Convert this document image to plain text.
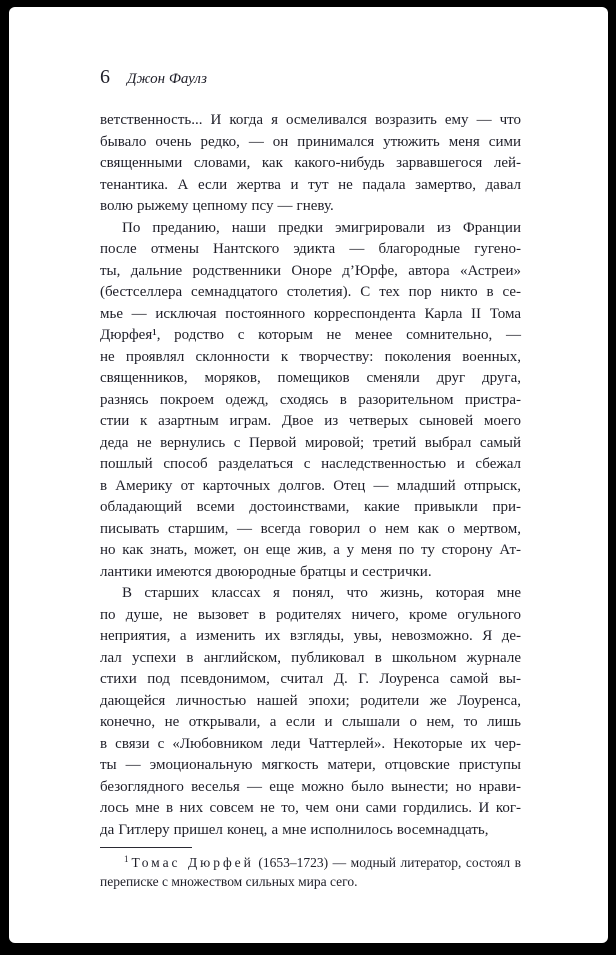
6 Джон Фаулз
ветственность... И когда я осмеливался возразить ему — что
бывало очень редко, — он принимался утюжить меня сими
священными словами, как какого-нибудь зарвавшегося лей-
тенантика. А если жертва и тут не падала замертво, давал
волю рыжему цепному псу — гневу.
По преданию, наши предки эмигрировали из Франции
после отмены Нантского эдикта — благородные гугено-
ты, дальние родственники Оноре д’Юрфе, автора «Астреи»
(бестселлера семнадцатого столетия). С тех пор никто в се-
мье — исключая постоянного корреспондента Карла II Тома
Дюрфея¹, родство с которым не менее сомнительно, —
не проявлял склонности к творчеству: поколения военных,
священников, моряков, помещиков сменяли друг друга,
разнясь покроем одежд, сходясь в разорительном пристра-
стии к азартным играм. Двое из четверых сыновей моего
деда не вернулись с Первой мировой; третий выбрал самый
пошлый способ разделаться с наследственностью и сбежал
в Америку от карточных долгов. Отец — младший отпрыск,
обладающий всеми достоинствами, какие привыкли при-
писывать старшим, — всегда говорил о нем как о мертвом,
но как знать, может, он еще жив, а у меня по ту сторону Ат-
лантики имеются двоюродные братцы и сестрички.
В старших классах я понял, что жизнь, которая мне
по душе, не вызовет в родителях ничего, кроме огульного
неприятия, а изменить их взгляды, увы, невозможно. Я де-
лал успехи в английском, публиковал в школьном журнале
стихи под псевдонимом, считал Д. Г. Лоуренса самой вы-
дающейся личностью нашей эпохи; родители же Лоуренса,
конечно, не открывали, а если и слышали о нем, то лишь
в связи с «Любовником леди Чаттерлей». Некоторые их чер-
ты — эмоциональную мягкость матери, отцовские приступы
безоглядного веселья — еще можно было вынести; но нрави-
лось мне в них совсем не то, чем они сами гордились. И ког-
да Гитлеру пришел конец, а мне исполнилось восемнадцать,
$^1$ Томас Дюрфей (1653–1723) — модный литератор, состоял в
переписке с множеством сильных мира сего.
